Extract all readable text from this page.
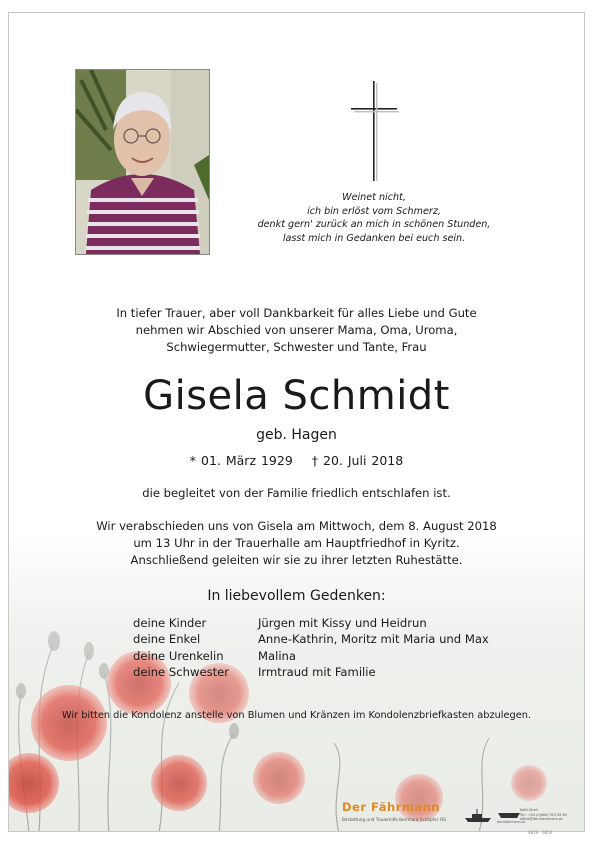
Weinet nicht,
ich bin erlöst vom Schmerz,
denkt gern' zurück an mich in schönen Stunden,
lasst mich in Gedanken bei euch sein.
In tiefer Trauer, aber voll Dankbarkeit für alles Liebe und Gute
nehmen wir Abschied von unserer Mama, Oma, Uroma,
Schwiegermutter, Schwester und Tante, Frau
Gisela Schmidt
geb. Hagen
* 01. März 1929 † 20. Juli 2018
die begleitet von der Familie friedlich entschlafen ist.
Wir verabschieden uns von Gisela am Mittwoch, dem 8. August 2018
um 13 Uhr in der Trauerhalle am Hauptfriedhof in Kyritz.
Anschließend geleiten wir sie zu ihrer letzten Ruhestätte.
In liebevollem Gedenken:
deine Kinder	Jürgen mit Kissy und Heidrun
deine Enkel	Anne-Kathrin, Moritz mit Maria und Max
deine Urenkelin	Malina
deine Schwester	Irmtraud mit Familie
Wir bitten die Kondolenz anstelle von Blumen und Kränzen im Kondolenzbriefkasten abzulegen.
Der Fährmann
Bestattung und Trauerhilfe Bernhard Schöpfer OG	der-faehrmann.at
Kettl-Strell
Tel.: +43 (0)664/ 915 59 60
office@der-faehrmann.at
0819 · 0850
